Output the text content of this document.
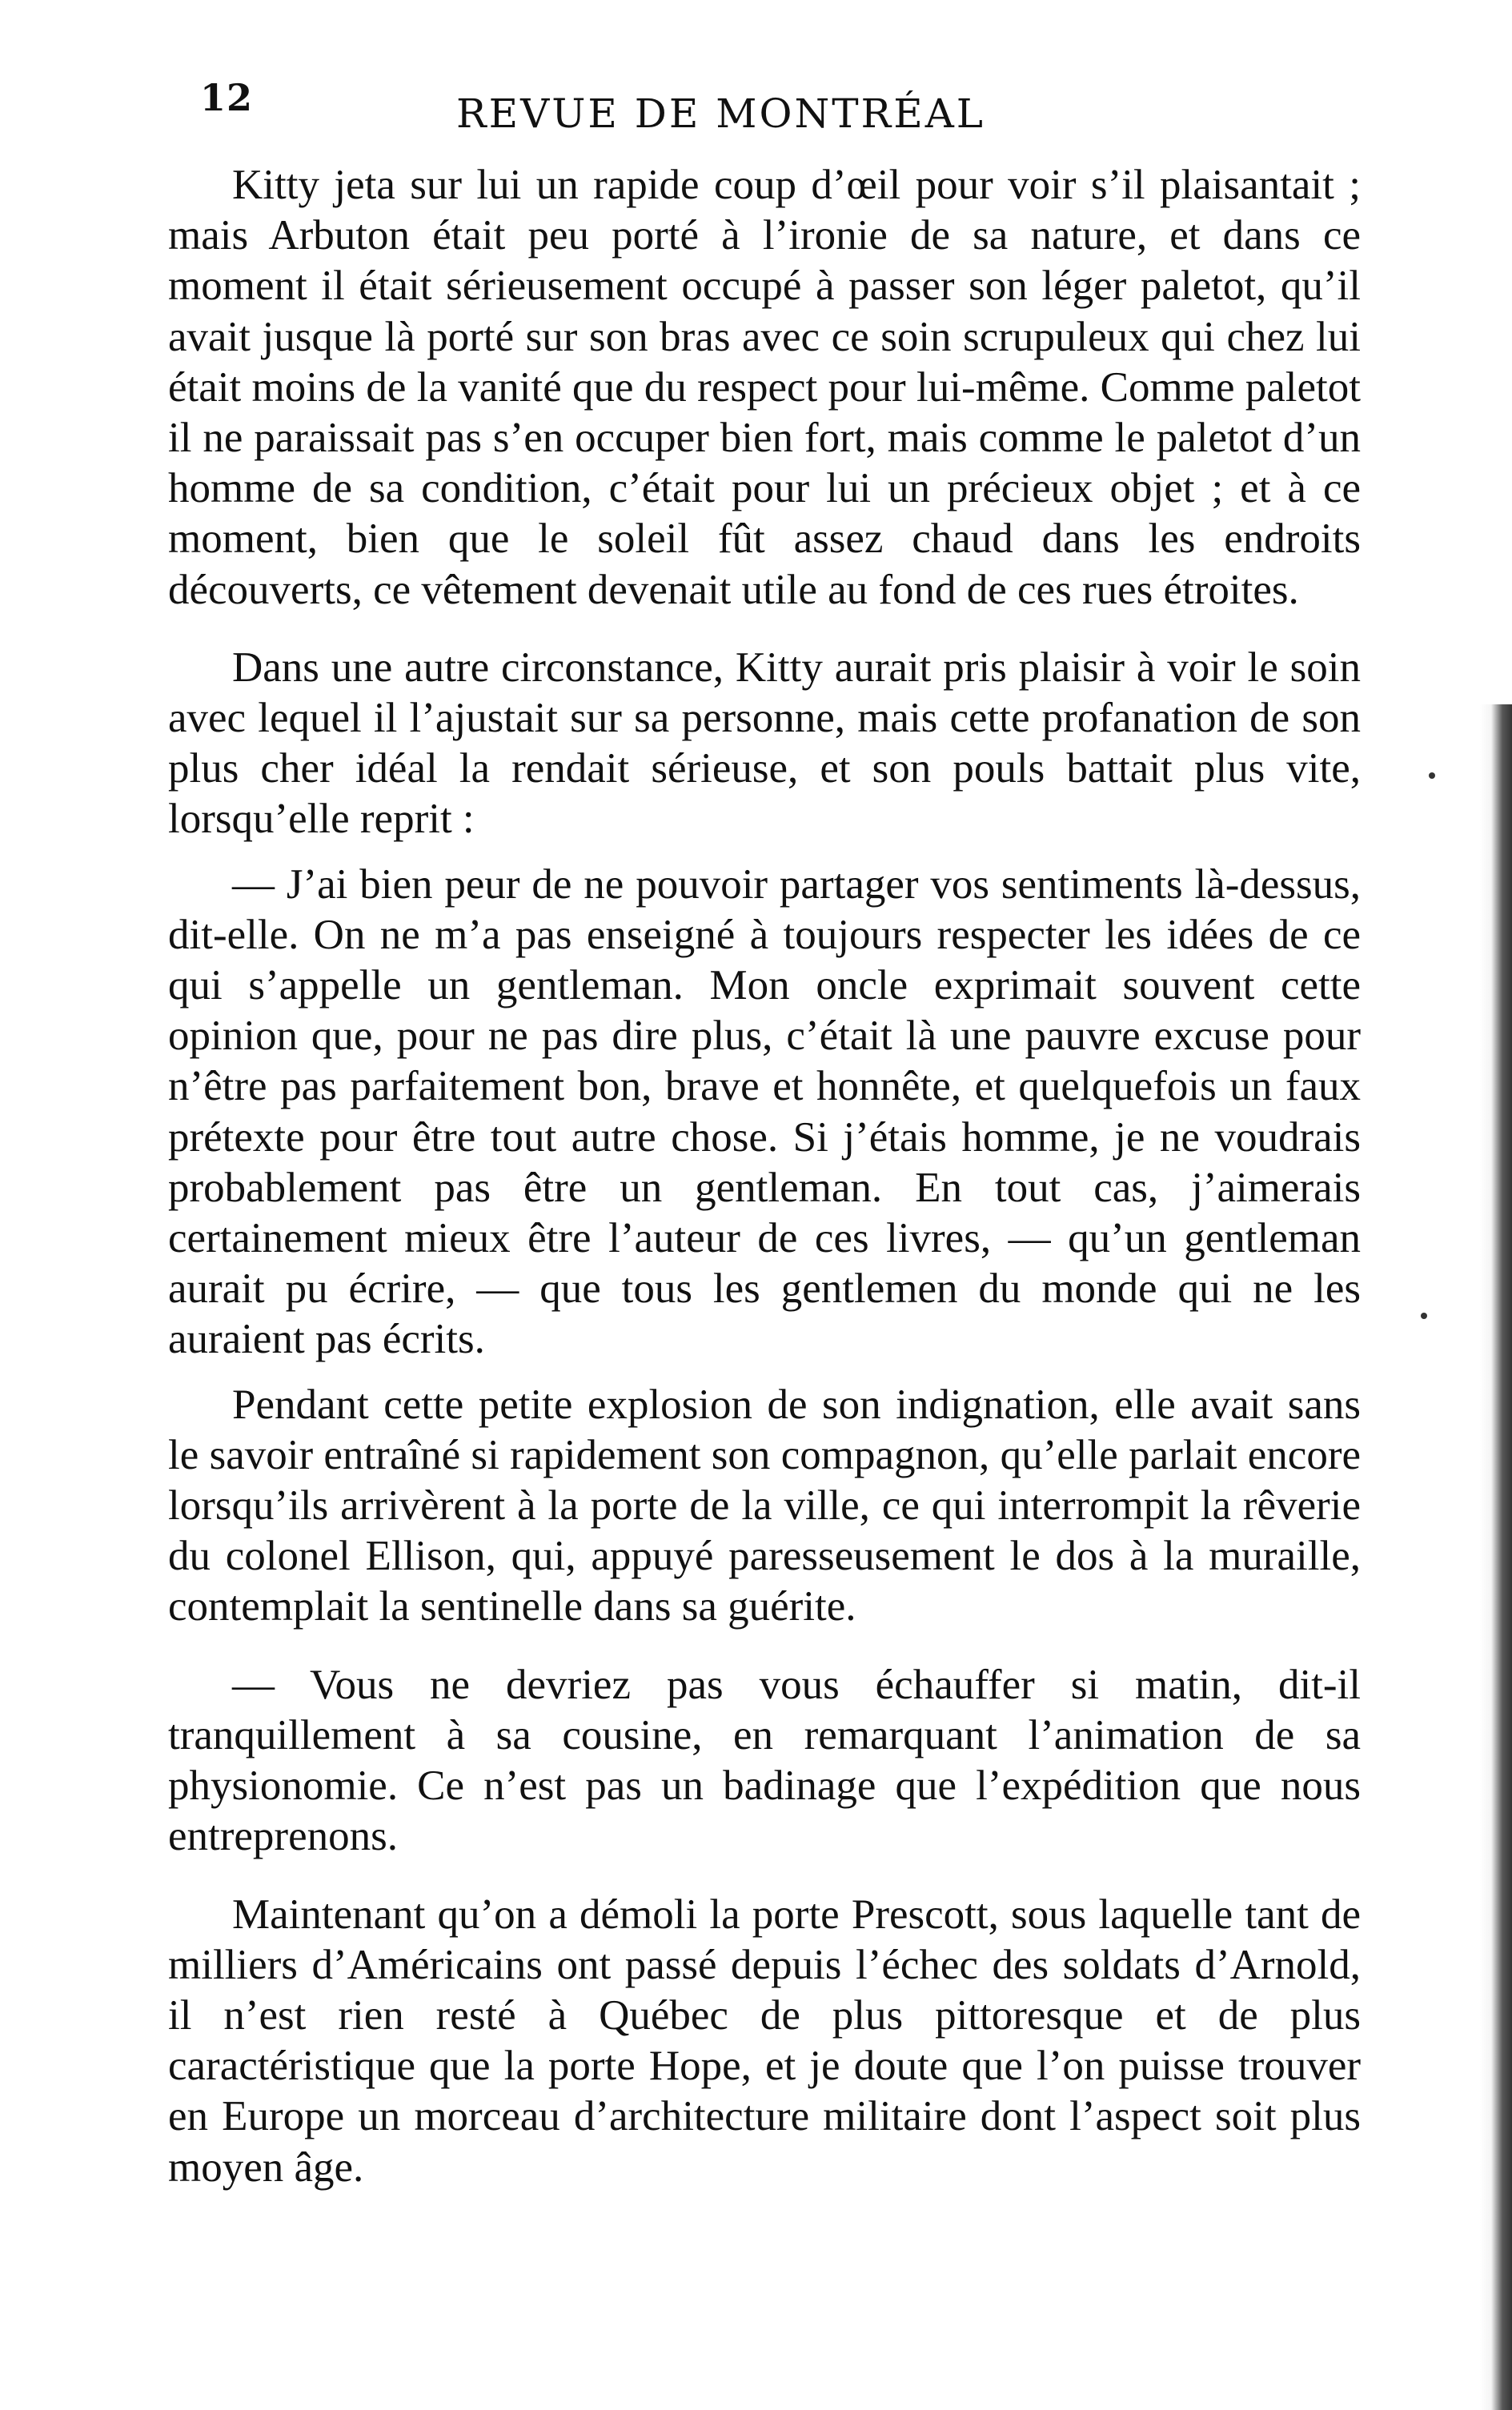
12	REVUE DE MONTRÉAL

Kitty jeta sur lui un rapide coup d’œil pour voir s’il plaisantait ; mais Arbuton était peu porté à l’ironie de sa nature, et dans ce moment il était sérieusement occupé à passer son léger paletot, qu’il avait jusque là porté sur son bras avec ce soin scrupuleux qui chez lui était moins de la vanité que du respect pour lui-même. Comme paletot il ne paraissait pas s’en occuper bien fort, mais comme le paletot d’un homme de sa condition, c’était pour lui un précieux objet ; et à ce moment, bien que le soleil fût assez chaud dans les endroits découverts, ce vêtement devenait utile au fond de ces rues étroites.

Dans une autre circonstance, Kitty aurait pris plaisir à voir le soin avec lequel il l’ajustait sur sa personne, mais cette profanation de son plus cher idéal la rendait sérieuse, et son pouls battait plus vite, lorsqu’elle reprit :

— J’ai bien peur de ne pouvoir partager vos sentiments là-dessus, dit-elle. On ne m’a pas enseigné à toujours respecter les idées de ce qui s’appelle un gentleman. Mon oncle exprimait souvent cette opinion que, pour ne pas dire plus, c’était là une pauvre excuse pour n’être pas parfaitement bon, brave et honnête, et quelquefois un faux prétexte pour être tout autre chose. Si j’étais homme, je ne voudrais probablement pas être un gentleman. En tout cas, j’aimerais certainement mieux être l’auteur de ces livres, — qu’un gentleman aurait pu écrire, — que tous les gentlemen du monde qui ne les auraient pas écrits.

Pendant cette petite explosion de son indignation, elle avait sans le savoir entraîné si rapidement son compagnon, qu’elle parlait encore lorsqu’ils arrivèrent à la porte de la ville, ce qui interrompit la rêverie du colonel Ellison, qui, appuyé paresseusement le dos à la muraille, contemplait la sentinelle dans sa guérite.

— Vous ne devriez pas vous échauffer si matin, dit-il tranquillement à sa cousine, en remarquant l’animation de sa physionomie. Ce n’est pas un badinage que l’expédition que nous entreprenons.

Maintenant qu’on a démoli la porte Prescott, sous laquelle tant de milliers d’Américains ont passé depuis l’échec des soldats d’Arnold, il n’est rien resté à Québec de plus pittoresque et de plus caractéristique que la porte Hope, et je doute que l’on puisse trouver en Europe un morceau d’architecture militaire dont l’aspect soit plus moyen âge.
